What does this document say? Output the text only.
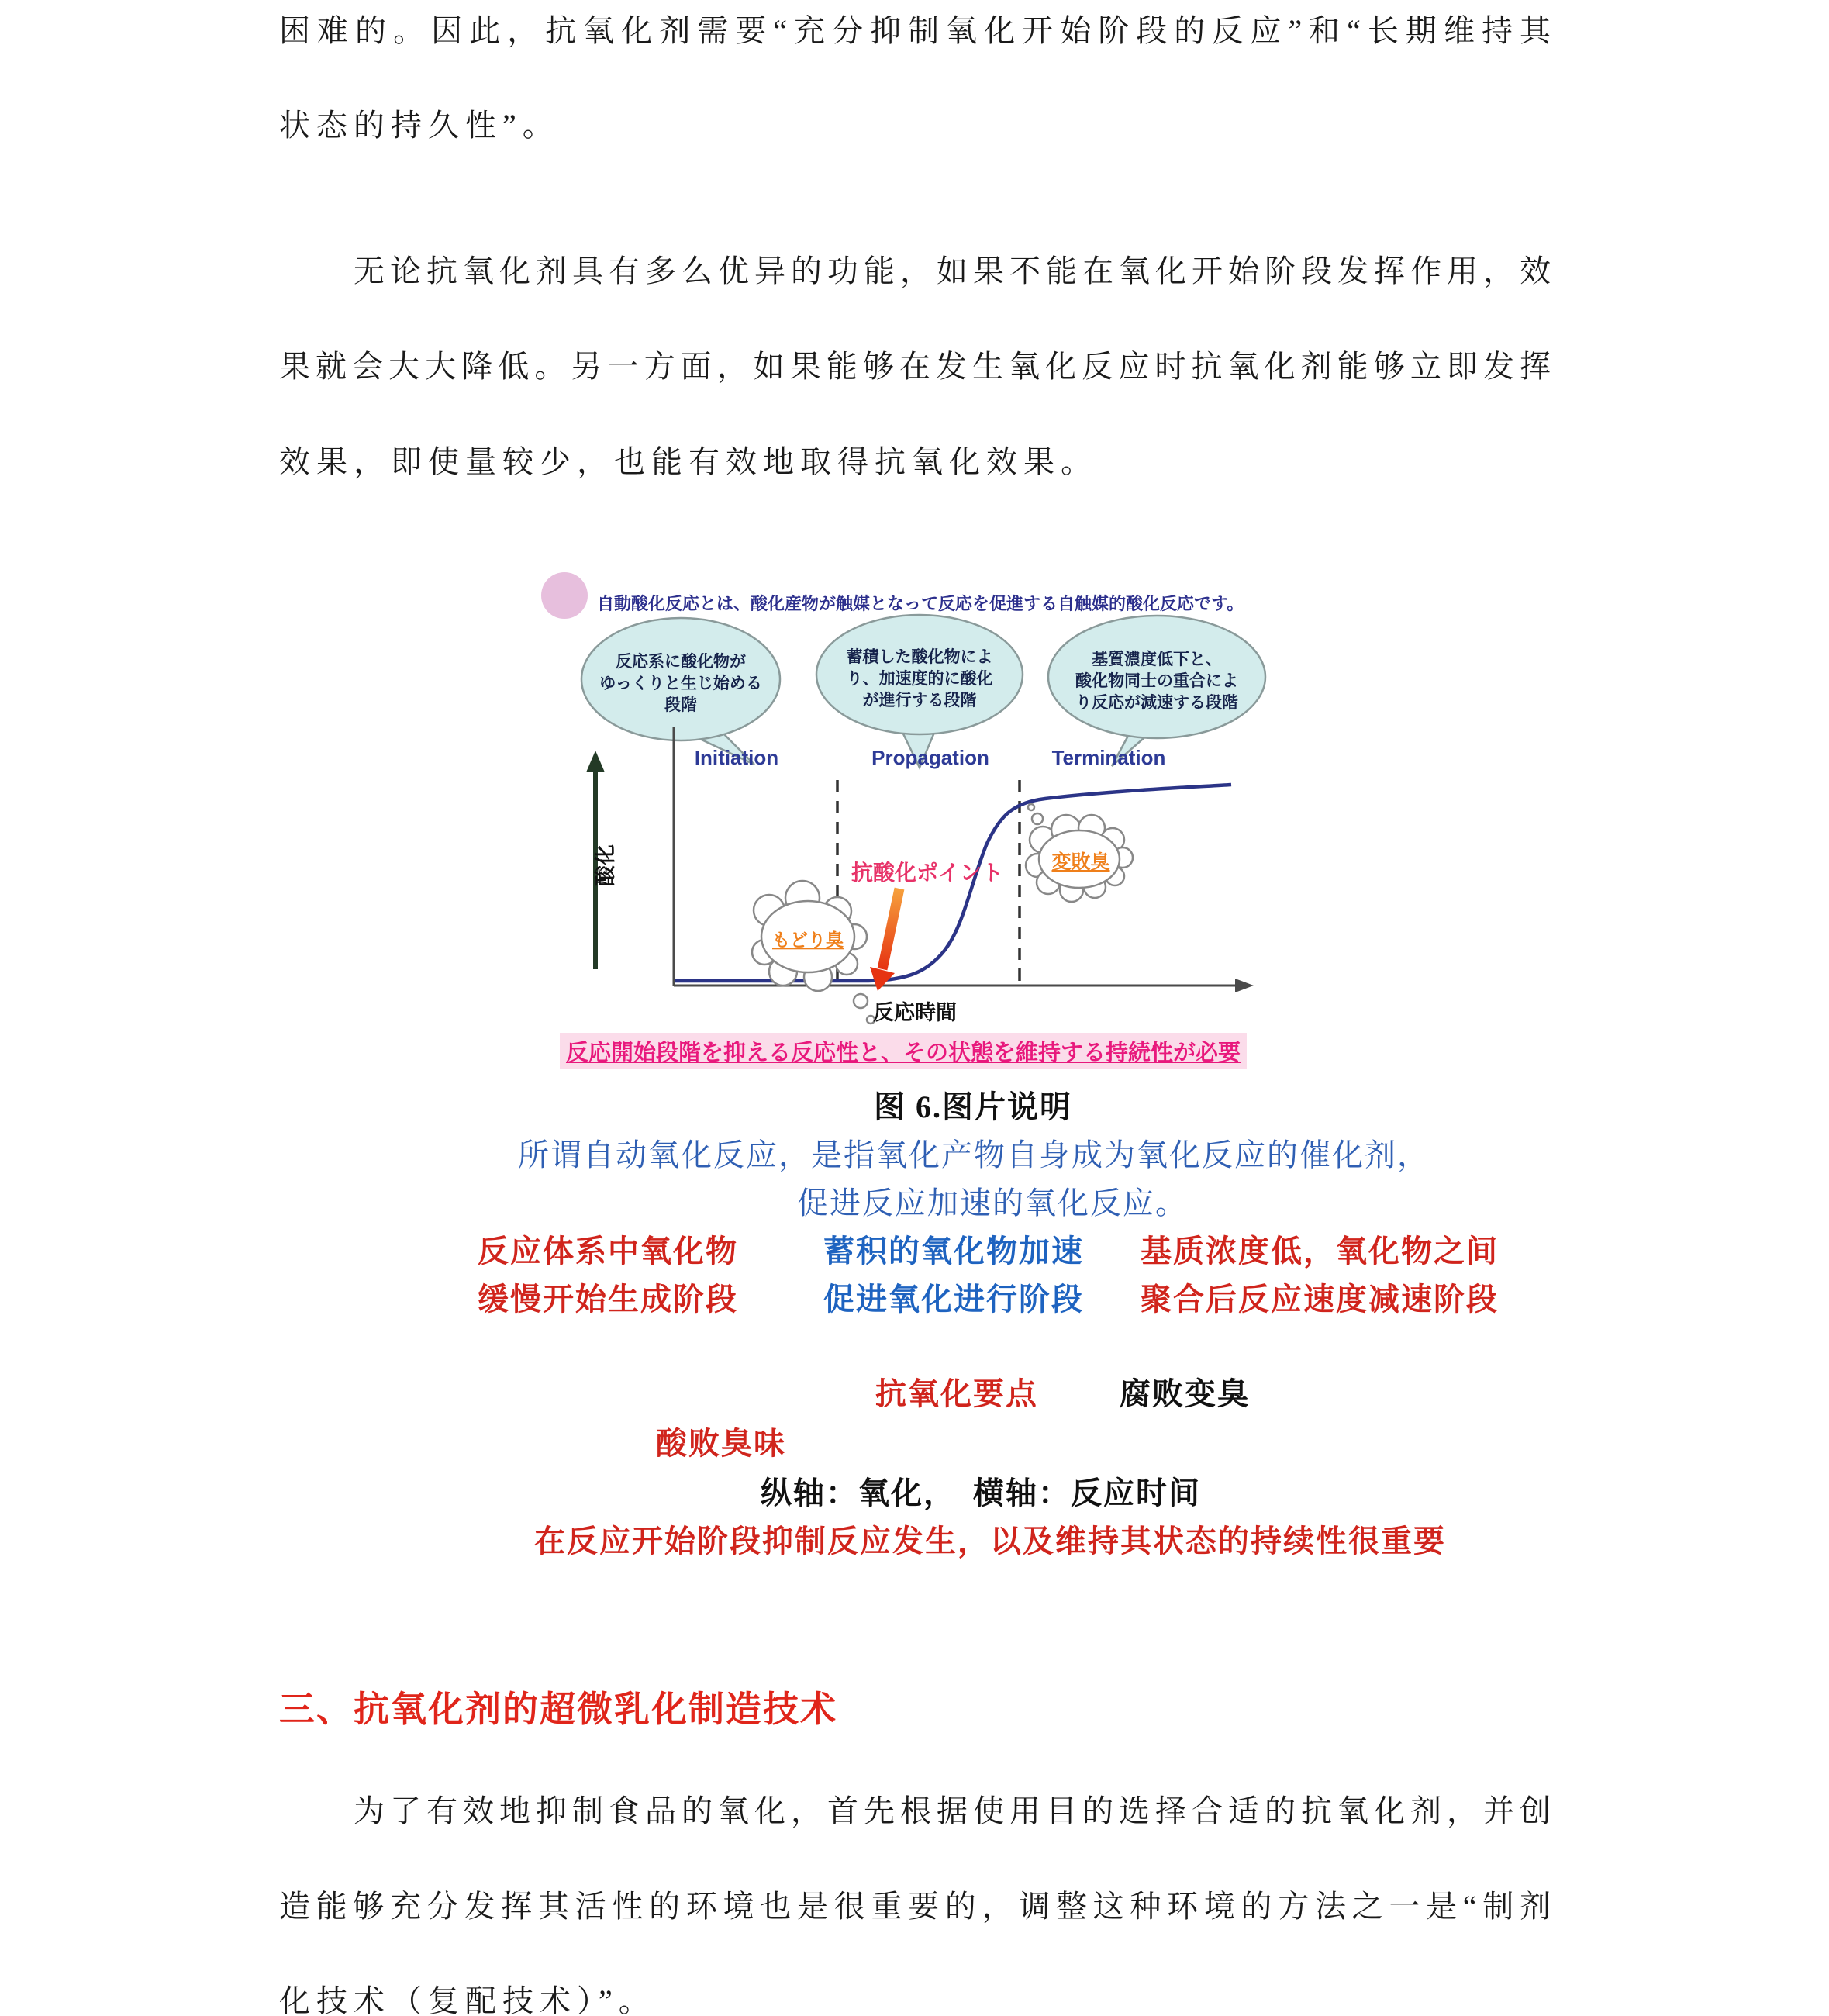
困难的。因此，抗氧化剂需要“充分抑制氧化开始阶段的反应”和“长期维持其
状态的持久性”。
无论抗氧化剂具有多么优异的功能，如果不能在氧化开始阶段发挥作用，效
果就会大大降低。另一方面，如果能够在发生氧化反应时抗氧化剂能够立即发挥
效果，即使量较少，也能有效地取得抗氧化效果。
自動酸化反応とは、酸化産物が触媒となって反応を促進する自触媒的酸化反応です。
反応系に酸化物が
ゆっくりと生じ始める
段階
蓄積した酸化物によ
り、加速度的に酸化
が進行する段階
基質濃度低下と、
酸化物同士の重合によ
り反応が減速する段階
Initiation	Propagation	Termination
酸化	抗酸化ポイント
もどり臭
変敗臭
反応時間
反応開始段階を抑える反応性と、その状態を維持する持続性が必要
图 6.图片说明
所谓自动氧化反应，是指氧化产物自身成为氧化反应的催化剂，
促进反应加速的氧化反应。
反应体系中氧化物	蓄积的氧化物加速 基质浓度低，氧化物之间
缓慢开始生成阶段	促进氧化进行阶段 聚合后反应速度减速阶段
抗氧化要点	腐败变臭
酸败臭味
纵轴：氧化，　横轴：反应时间
在反应开始阶段抑制反应发生，以及维持其状态的持续性很重要
三、抗氧化剂的超微乳化制造技术
为了有效地抑制食品的氧化，首先根据使用目的选择合适的抗氧化剂，并创
造能够充分发挥其活性的环境也是很重要的，调整这种环境的方法之一是“制剂
化技术（复配技术）”。
